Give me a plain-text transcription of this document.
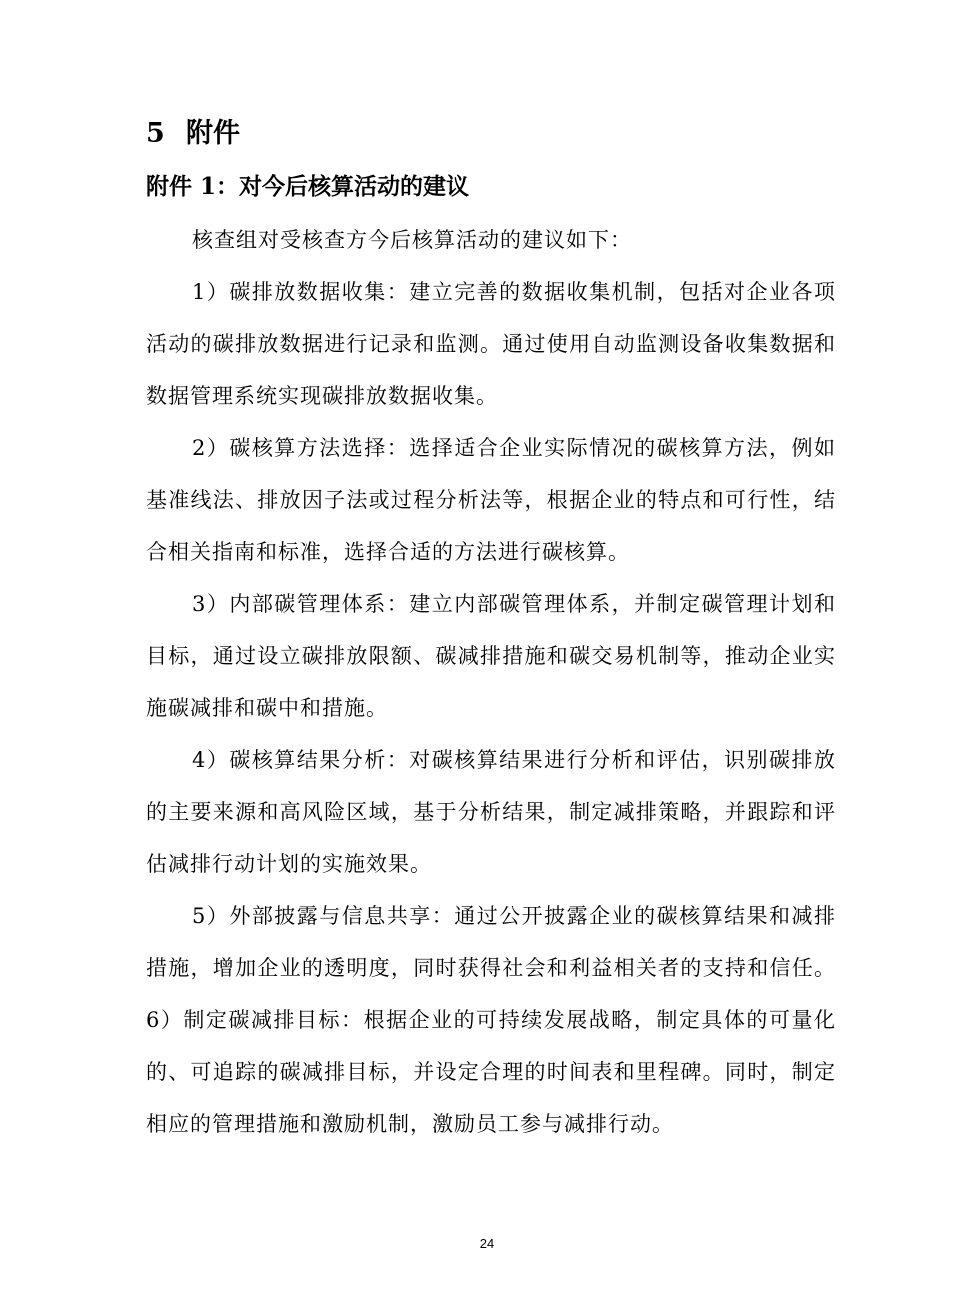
5 附件
附件 1：对今后核算活动的建议

核查组对受核查方今后核算活动的建议如下：

1）碳排放数据收集：建立完善的数据收集机制，包括对企业各项活动的碳排放数据进行记录和监测。通过使用自动监测设备收集数据和数据管理系统实现碳排放数据收集。

2）碳核算方法选择：选择适合企业实际情况的碳核算方法，例如基准线法、排放因子法或过程分析法等，根据企业的特点和可行性，结合相关指南和标准，选择合适的方法进行碳核算。

3）内部碳管理体系：建立内部碳管理体系，并制定碳管理计划和目标，通过设立碳排放限额、碳减排措施和碳交易机制等，推动企业实施碳减排和碳中和措施。

4）碳核算结果分析：对碳核算结果进行分析和评估，识别碳排放的主要来源和高风险区域，基于分析结果，制定减排策略，并跟踪和评估减排行动计划的实施效果。

5）外部披露与信息共享：通过公开披露企业的碳核算结果和减排措施，增加企业的透明度，同时获得社会和利益相关者的支持和信任。6）制定碳减排目标：根据企业的可持续发展战略，制定具体的可量化的、可追踪的碳减排目标，并设定合理的时间表和里程碑。同时，制定相应的管理措施和激励机制，激励员工参与减排行动。

24
